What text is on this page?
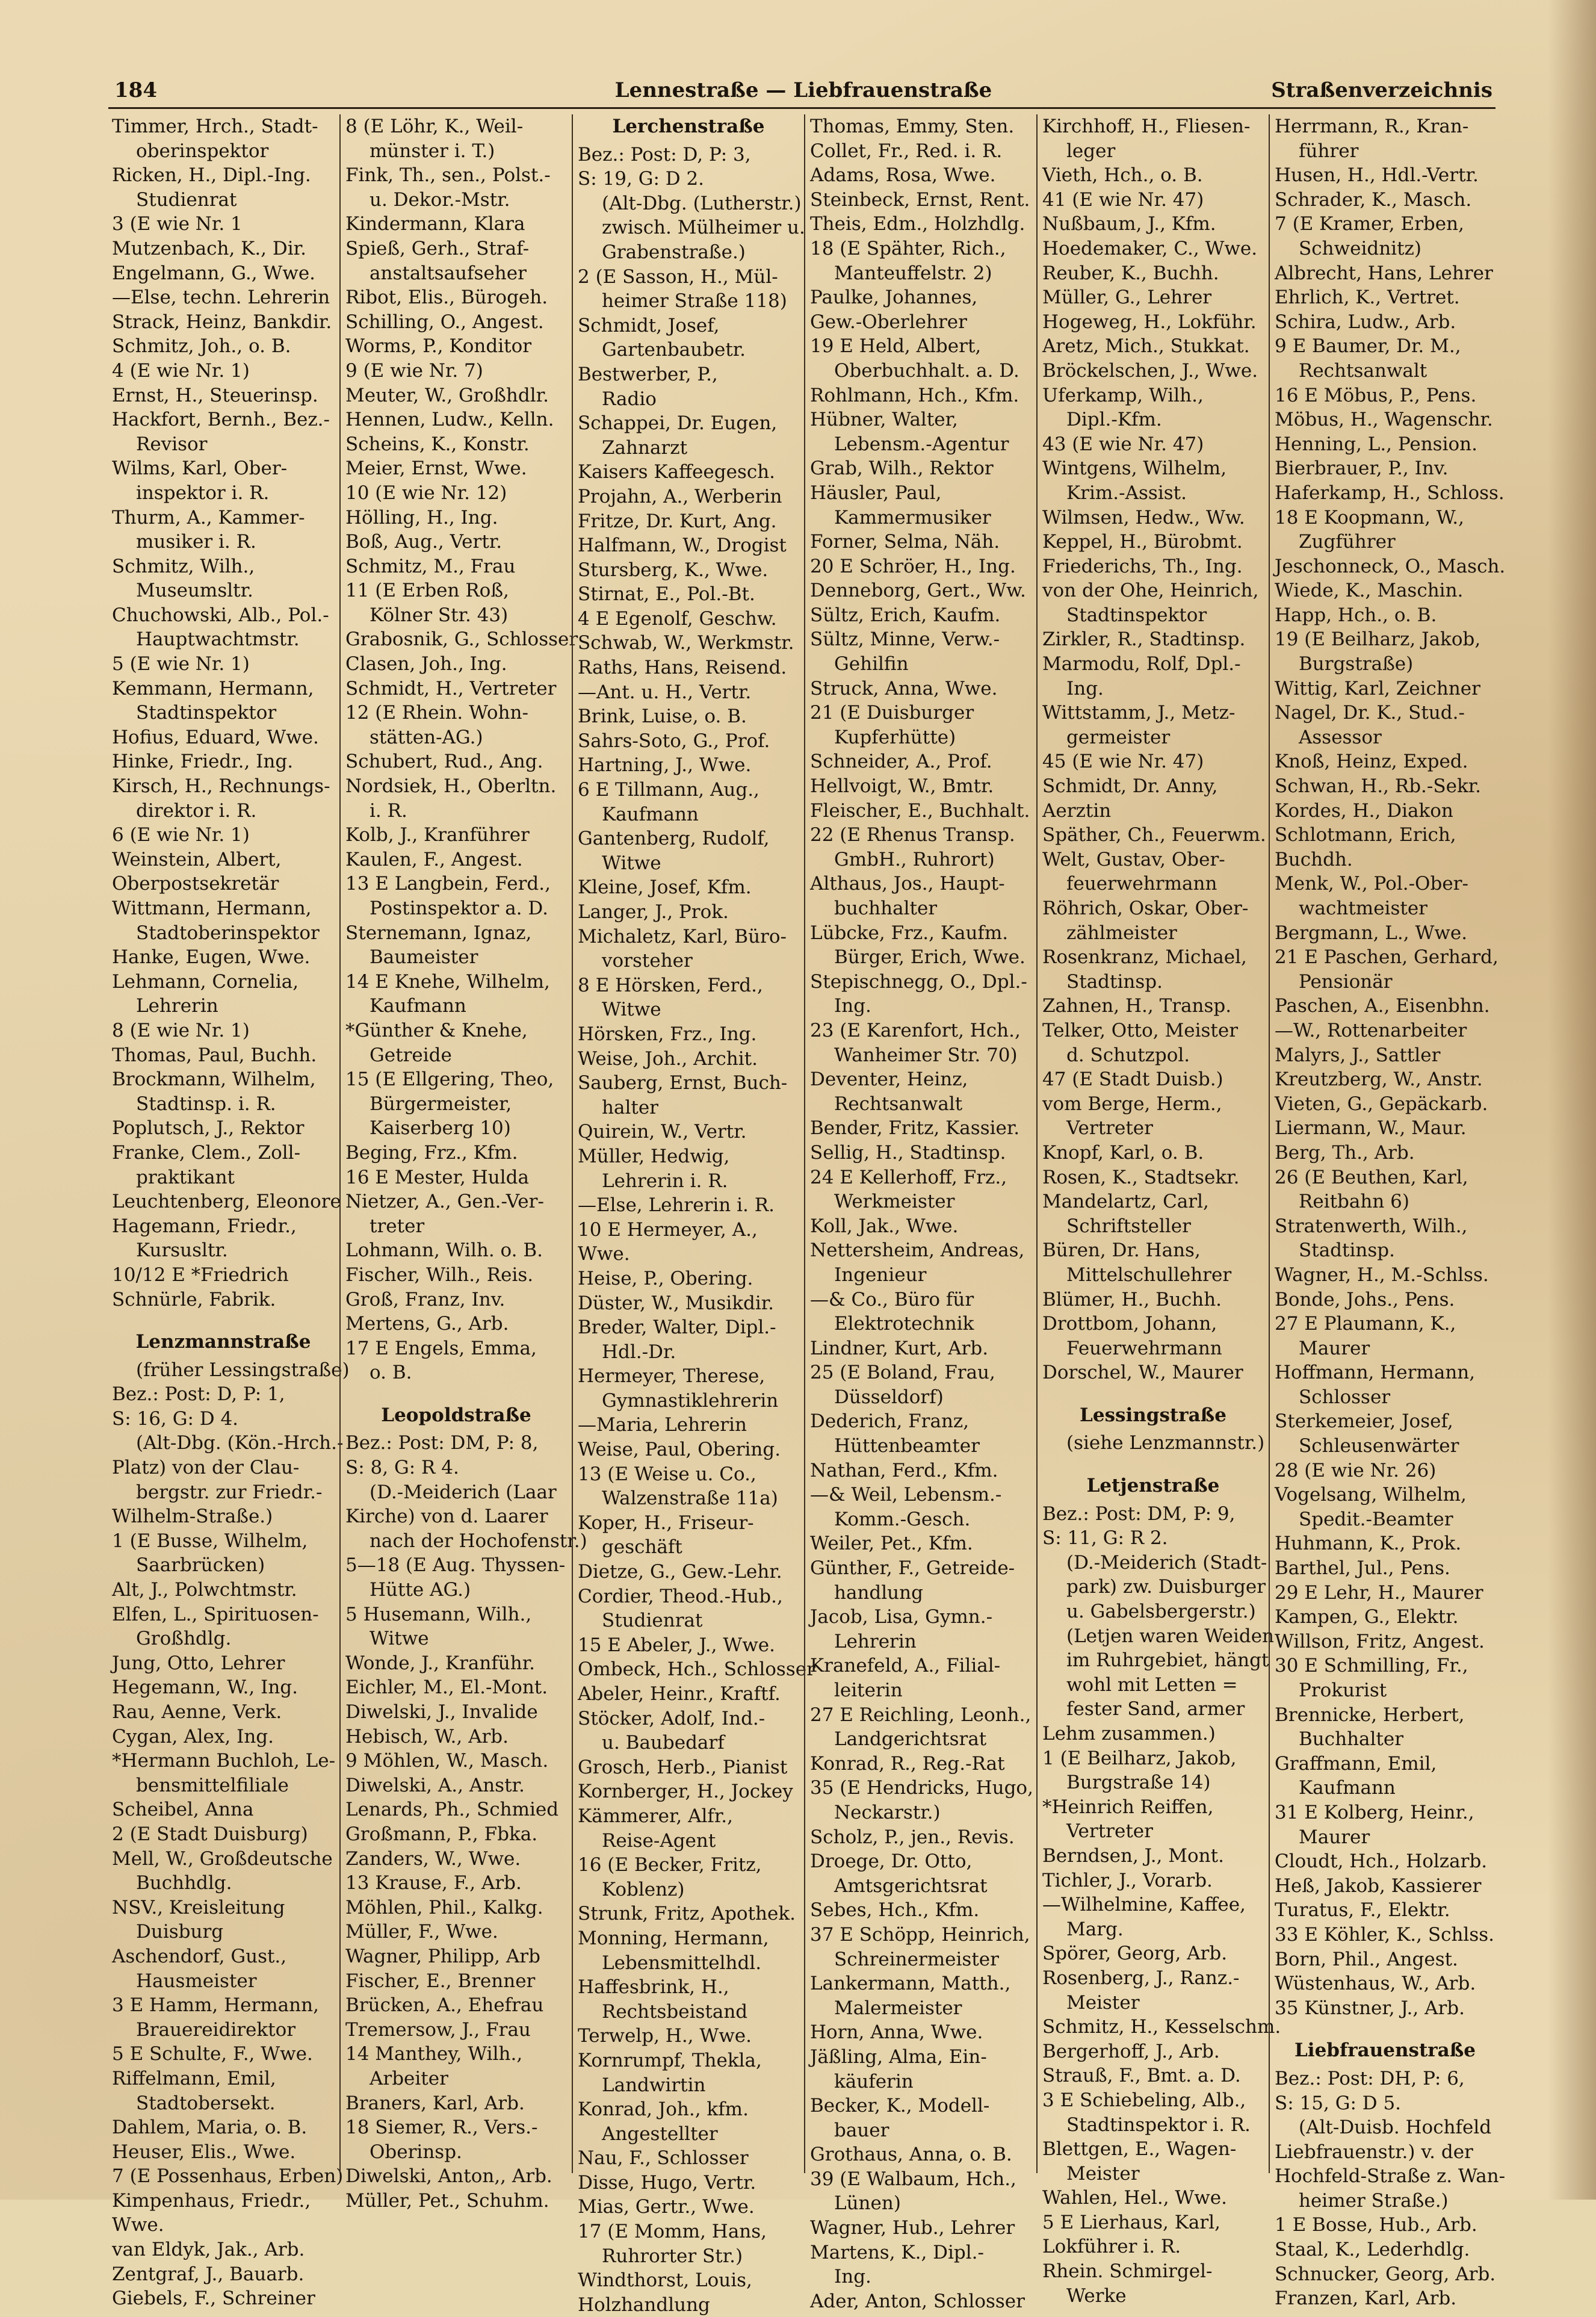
184	Lennestraße — Liebfrauenstraße	Straßenverzeichnis
Timmer, Hrch., Stadt-
oberinspektor
Ricken, H., Dipl.-Ing.
Studienrat
3 (E wie Nr. 1
Mutzenbach, K., Dir.
Engelmann, G., Wwe.
—Else, techn. Lehrerin
Strack, Heinz, Bankdir.
Schmitz, Joh., o. B.
4 (E wie Nr. 1)
Ernst, H., Steuerinsp.
Hackfort, Bernh., Bez.-
Revisor
Wilms, Karl, Ober-
inspektor i. R.
Thurm, A., Kammer-
musiker i. R.
Schmitz, Wilh.,
Museumsltr.
Chuchowski, Alb., Pol.-
Hauptwachtmstr.
5 (E wie Nr. 1)
Kemmann, Hermann,
Stadtinspektor
Hofius, Eduard, Wwe.
Hinke, Friedr., Ing.
Kirsch, H., Rechnungs-
direktor i. R.
6 (E wie Nr. 1)
Weinstein, Albert,
Oberpostsekretär
Wittmann, Hermann,
Stadtoberinspektor
Hanke, Eugen, Wwe.
Lehmann, Cornelia,
Lehrerin
8 (E wie Nr. 1)
Thomas, Paul, Buchh.
Brockmann, Wilhelm,
Stadtinsp. i. R.
Poplutsch, J., Rektor
Franke, Clem., Zoll-
praktikant
Leuchtenberg, Eleonore
Hagemann, Friedr.,
Kursusltr.
10/12 E *Friedrich
Schnürle, Fabrik.
Lenzmannstraße
(früher Lessingstraße)
Bez.: Post: D, P: 1,
S: 16, G: D 4.
(Alt-Dbg. (Kön.-Hrch.-
Platz) von der Clau-
bergstr. zur Friedr.-
Wilhelm-Straße.)
1 (E Busse, Wilhelm,
Saarbrücken)
Alt, J., Polwchtmstr.
Elfen, L., Spirituosen-
Großhdlg.
Jung, Otto, Lehrer
Hegemann, W., Ing.
Rau, Aenne, Verk.
Cygan, Alex, Ing.
*Hermann Buchloh, Le-
bensmittelfiliale
Scheibel, Anna
2 (E Stadt Duisburg)
Mell, W., Großdeutsche
Buchhdlg.
NSV., Kreisleitung
Duisburg
Aschendorf, Gust.,
Hausmeister
3 E Hamm, Hermann,
Brauereidirektor
5 E Schulte, F., Wwe.
Riffelmann, Emil,
Stadtobersekt.
Dahlem, Maria, o. B.
Heuser, Elis., Wwe.
7 (E Possenhaus, Erben)
Kimpenhaus, Friedr.,
Wwe.
van Eldyk, Jak., Arb.
Zentgraf, J., Bauarb.
Giebels, F., Schreiner
8 (E Löhr, K., Weil-
münster i. T.)
Fink, Th., sen., Polst.-
u. Dekor.-Mstr.
Kindermann, Klara
Spieß, Gerh., Straf-
anstaltsaufseher
Ribot, Elis., Bürogeh.
Schilling, O., Angest.
Worms, P., Konditor
9 (E wie Nr. 7)
Meuter, W., Großhdlr.
Hennen, Ludw., Kelln.
Scheins, K., Konstr.
Meier, Ernst, Wwe.
10 (E wie Nr. 12)
Hölling, H., Ing.
Boß, Aug., Vertr.
Schmitz, M., Frau
11 (E Erben Roß,
Kölner Str. 43)
Grabosnik, G., Schlosser
Clasen, Joh., Ing.
Schmidt, H., Vertreter
12 (E Rhein. Wohn-
stätten-AG.)
Schubert, Rud., Ang.
Nordsiek, H., Oberltn.
i. R.
Kolb, J., Kranführer
Kaulen, F., Angest.
13 E Langbein, Ferd.,
Postinspektor a. D.
Sternemann, Ignaz,
Baumeister
14 E Knehe, Wilhelm,
Kaufmann
*Günther & Knehe,
Getreide
15 (E Ellgering, Theo,
Bürgermeister,
Kaiserberg 10)
Beging, Frz., Kfm.
16 E Mester, Hulda
Nietzer, A., Gen.-Ver-
treter
Lohmann, Wilh. o. B.
Fischer, Wilh., Reis.
Groß, Franz, Inv.
Mertens, G., Arb.
17 E Engels, Emma,
o. B.
Leopoldstraße
Bez.: Post: DM, P: 8,
S: 8, G: R 4.
(D.-Meiderich (Laar
Kirche) von d. Laarer
nach der Hochofenstr.)
5—18 (E Aug. Thyssen-
Hütte AG.)
5 Husemann, Wilh.,
Witwe
Wonde, J., Kranführ.
Eichler, M., El.-Mont.
Diwelski, J., Invalide
Hebisch, W., Arb.
9 Möhlen, W., Masch.
Diwelski, A., Anstr.
Lenards, Ph., Schmied
Großmann, P., Fbka.
Zanders, W., Wwe.
13 Krause, F., Arb.
Möhlen, Phil., Kalkg.
Müller, F., Wwe.
Wagner, Philipp, Arb
Fischer, E., Brenner
Brücken, A., Ehefrau
Tremersow, J., Frau
14 Manthey, Wilh.,
Arbeiter
Braners, Karl, Arb.
18 Siemer, R., Vers.-
Oberinsp.
Diwelski, Anton,, Arb.
Müller, Pet., Schuhm.
Lerchenstraße
Bez.: Post: D, P: 3,
S: 19, G: D 2.
(Alt-Dbg. (Lutherstr.)
zwisch. Mülheimer u.
Grabenstraße.)
2 (E Sasson, H., Mül-
heimer Straße 118)
Schmidt, Josef,
Gartenbaubetr.
Bestwerber, P.,
Radio
Schappei, Dr. Eugen,
Zahnarzt
Kaisers Kaffeegesch.
Projahn, A., Werberin
Fritze, Dr. Kurt, Ang.
Halfmann, W., Drogist
Stursberg, K., Wwe.
Stirnat, E., Pol.-Bt.
4 E Egenolf, Geschw.
Schwab, W., Werkmstr.
Raths, Hans, Reisend.
—Ant. u. H., Vertr.
Brink, Luise, o. B.
Sahrs-Soto, G., Prof.
Hartning, J., Wwe.
6 E Tillmann, Aug.,
Kaufmann
Gantenberg, Rudolf,
Witwe
Kleine, Josef, Kfm.
Langer, J., Prok.
Michaletz, Karl, Büro-
vorsteher
8 E Hörsken, Ferd.,
Witwe
Hörsken, Frz., Ing.
Weise, Joh., Archit.
Sauberg, Ernst, Buch-
halter
Quirein, W., Vertr.
Müller, Hedwig,
Lehrerin i. R.
—Else, Lehrerin i. R.
10 E Hermeyer, A.,
Wwe.
Heise, P., Obering.
Düster, W., Musikdir.
Breder, Walter, Dipl.-
Hdl.-Dr.
Hermeyer, Therese,
Gymnastiklehrerin
—Maria, Lehrerin
Weise, Paul, Obering.
13 (E Weise u. Co.,
Walzenstraße 11a)
Koper, H., Friseur-
geschäft
Dietze, G., Gew.-Lehr.
Cordier, Theod.-Hub.,
Studienrat
15 E Abeler, J., Wwe.
Ombeck, Hch., Schlosser
Abeler, Heinr., Kraftf.
Stöcker, Adolf, Ind.-
u. Baubedarf
Grosch, Herb., Pianist
Kornberger, H., Jockey
Kämmerer, Alfr.,
Reise-Agent
16 (E Becker, Fritz,
Koblenz)
Strunk, Fritz, Apothek.
Monning, Hermann,
Lebensmittelhdl.
Haffesbrink, H.,
Rechtsbeistand
Terwelp, H., Wwe.
Kornrumpf, Thekla,
Landwirtin
Konrad, Joh., kfm.
Angestellter
Nau, F., Schlosser
Disse, Hugo, Vertr.
Mias, Gertr., Wwe.
17 (E Momm, Hans,
Ruhrorter Str.)
Windthorst, Louis,
Holzhandlung
Thomas, Emmy, Sten.
Collet, Fr., Red. i. R.
Adams, Rosa, Wwe.
Steinbeck, Ernst, Rent.
Theis, Edm., Holzhdlg.
18 (E Spähter, Rich.,
Manteuffelstr. 2)
Paulke, Johannes,
Gew.-Oberlehrer
19 E Held, Albert,
Oberbuchhalt. a. D.
Rohlmann, Hch., Kfm.
Hübner, Walter,
Lebensm.-Agentur
Grab, Wilh., Rektor
Häusler, Paul,
Kammermusiker
Forner, Selma, Näh.
20 E Schröer, H., Ing.
Denneborg, Gert., Ww.
Sültz, Erich, Kaufm.
Sültz, Minne, Verw.-
Gehilfin
Struck, Anna, Wwe.
21 (E Duisburger
Kupferhütte)
Schneider, A., Prof.
Hellvoigt, W., Bmtr.
Fleischer, E., Buchhalt.
22 (E Rhenus Transp.
GmbH., Ruhrort)
Althaus, Jos., Haupt-
buchhalter
Lübcke, Frz., Kaufm.
Bürger, Erich, Wwe.
Stepischnegg, O., Dpl.-
Ing.
23 (E Karenfort, Hch.,
Wanheimer Str. 70)
Deventer, Heinz,
Rechtsanwalt
Bender, Fritz, Kassier.
Sellig, H., Stadtinsp.
24 E Kellerhoff, Frz.,
Werkmeister
Koll, Jak., Wwe.
Nettersheim, Andreas,
Ingenieur
—& Co., Büro für
Elektrotechnik
Lindner, Kurt, Arb.
25 (E Boland, Frau,
Düsseldorf)
Dederich, Franz,
Hüttenbeamter
Nathan, Ferd., Kfm.
—& Weil, Lebensm.-
Komm.-Gesch.
Weiler, Pet., Kfm.
Günther, F., Getreide-
handlung
Jacob, Lisa, Gymn.-
Lehrerin
Kranefeld, A., Filial-
leiterin
27 E Reichling, Leonh.,
Landgerichtsrat
Konrad, R., Reg.-Rat
35 (E Hendricks, Hugo,
Neckarstr.)
Scholz, P., jen., Revis.
Droege, Dr. Otto,
Amtsgerichtsrat
Sebes, Hch., Kfm.
37 E Schöpp, Heinrich,
Schreinermeister
Lankermann, Matth.,
Malermeister
Horn, Anna, Wwe.
Jäßling, Alma, Ein-
käuferin
Becker, K., Modell-
bauer
Grothaus, Anna, o. B.
39 (E Walbaum, Hch.,
Lünen)
Wagner, Hub., Lehrer
Martens, K., Dipl.-
Ing.
Ader, Anton, Schlosser
Kirchhoff, H., Fliesen-
leger
Vieth, Hch., o. B.
41 (E wie Nr. 47)
Nußbaum, J., Kfm.
Hoedemaker, C., Wwe.
Reuber, K., Buchh.
Müller, G., Lehrer
Hogeweg, H., Lokführ.
Aretz, Mich., Stukkat.
Bröckelschen, J., Wwe.
Uferkamp, Wilh.,
Dipl.-Kfm.
43 (E wie Nr. 47)
Wintgens, Wilhelm,
Krim.-Assist.
Wilmsen, Hedw., Ww.
Keppel, H., Bürobmt.
Friederichs, Th., Ing.
von der Ohe, Heinrich,
Stadtinspektor
Zirkler, R., Stadtinsp.
Marmodu, Rolf, Dpl.-
Ing.
Wittstamm, J., Metz-
germeister
45 (E wie Nr. 47)
Schmidt, Dr. Anny,
Aerztin
Späther, Ch., Feuerwm.
Welt, Gustav, Ober-
feuerwehrmann
Röhrich, Oskar, Ober-
zählmeister
Rosenkranz, Michael,
Stadtinsp.
Zahnen, H., Transp.
Telker, Otto, Meister
d. Schutzpol.
47 (E Stadt Duisb.)
vom Berge, Herm.,
Vertreter
Knopf, Karl, o. B.
Rosen, K., Stadtsekr.
Mandelartz, Carl,
Schriftsteller
Büren, Dr. Hans,
Mittelschullehrer
Blümer, H., Buchh.
Drottbom, Johann,
Feuerwehrmann
Dorschel, W., Maurer
Lessingstraße
(siehe Lenzmannstr.)
Letjenstraße
Bez.: Post: DM, P: 9,
S: 11, G: R 2.
(D.-Meiderich (Stadt-
park) zw. Duisburger
u. Gabelsbergerstr.)
(Letjen waren Weiden
im Ruhrgebiet, hängt
wohl mit Letten =
fester Sand, armer
Lehm zusammen.)
1 (E Beilharz, Jakob,
Burgstraße 14)
*Heinrich Reiffen,
Vertreter
Berndsen, J., Mont.
Tichler, J., Vorarb.
—Wilhelmine, Kaffee,
Marg.
Spörer, Georg, Arb.
Rosenberg, J., Ranz.-
Meister
Schmitz, H., Kesselschm.
Bergerhoff, J., Arb.
Strauß, F., Bmt. a. D.
3 E Schiebeling, Alb.,
Stadtinspektor i. R.
Blettgen, E., Wagen-
Meister
Wahlen, Hel., Wwe.
5 E Lierhaus, Karl,
Lokführer i. R.
Rhein. Schmirgel-
Werke
Herrmann, R., Kran-
führer
Husen, H., Hdl.-Vertr.
Schrader, K., Masch.
7 (E Kramer, Erben,
Schweidnitz)
Albrecht, Hans, Lehrer
Ehrlich, K., Vertret.
Schira, Ludw., Arb.
9 E Baumer, Dr. M.,
Rechtsanwalt
16 E Möbus, P., Pens.
Möbus, H., Wagenschr.
Henning, L., Pension.
Bierbrauer, P., Inv.
Haferkamp, H., Schloss.
18 E Koopmann, W.,
Zugführer
Jeschonneck, O., Masch.
Wiede, K., Maschin.
Happ, Hch., o. B.
19 (E Beilharz, Jakob,
Burgstraße)
Wittig, Karl, Zeichner
Nagel, Dr. K., Stud.-
Assessor
Knoß, Heinz, Exped.
Schwan, H., Rb.-Sekr.
Kordes, H., Diakon
Schlotmann, Erich,
Buchdh.
Menk, W., Pol.-Ober-
wachtmeister
Bergmann, L., Wwe.
21 E Paschen, Gerhard,
Pensionär
Paschen, A., Eisenbhn.
—W., Rottenarbeiter
Malyrs, J., Sattler
Kreutzberg, W., Anstr.
Vieten, G., Gepäckarb.
Liermann, W., Maur.
Berg, Th., Arb.
26 (E Beuthen, Karl,
Reitbahn 6)
Stratenwerth, Wilh.,
Stadtinsp.
Wagner, H., M.-Schlss.
Bonde, Johs., Pens.
27 E Plaumann, K.,
Maurer
Hoffmann, Hermann,
Schlosser
Sterkemeier, Josef,
Schleusenwärter
28 (E wie Nr. 26)
Vogelsang, Wilhelm,
Spedit.-Beamter
Huhmann, K., Prok.
Barthel, Jul., Pens.
29 E Lehr, H., Maurer
Kampen, G., Elektr.
Willson, Fritz, Angest.
30 E Schmilling, Fr.,
Prokurist
Brennicke, Herbert,
Buchhalter
Graffmann, Emil,
Kaufmann
31 E Kolberg, Heinr.,
Maurer
Cloudt, Hch., Holzarb.
Heß, Jakob, Kassierer
Turatus, F., Elektr.
33 E Köhler, K., Schlss.
Born, Phil., Angest.
Wüstenhaus, W., Arb.
35 Künstner, J., Arb.
Liebfrauenstraße
Bez.: Post: DH, P: 6,
S: 15, G: D 5.
(Alt-Duisb. Hochfeld
Liebfrauenstr.) v. der
Hochfeld-Straße z. Wan-
heimer Straße.)
1 E Bosse, Hub., Arb.
Staal, K., Lederhdlg.
Schnucker, Georg, Arb.
Franzen, Karl, Arb.
